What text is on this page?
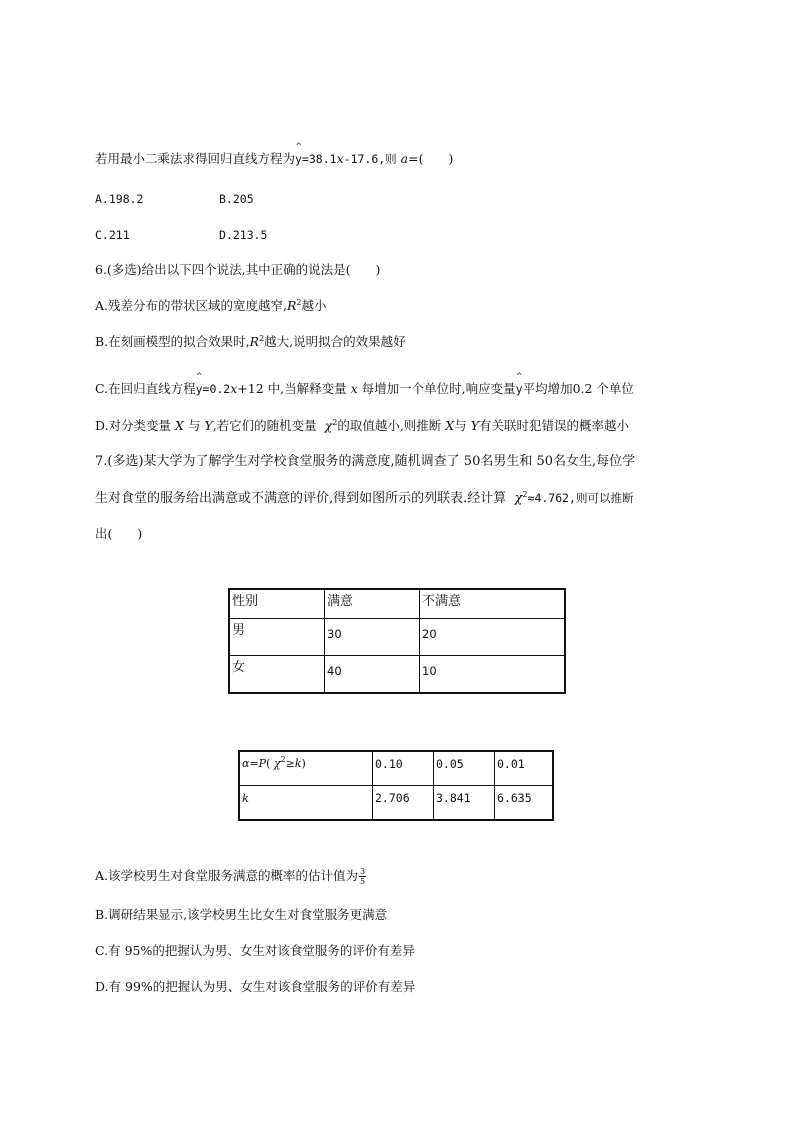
若用最小二乘法求得回归直线方程为^ y=38.1x-17.6,则 a=(　　)
A.198.2	B.205
C.211	D.213.5
6.(多选)给出以下四个说法,其中正确的说法是(　　)
A.残差分布的带状区域的宽度越窄$,R^2$越小
B.在刻画模型的拟合效果时$,R^2$越大,说明拟合的效果越好
C.在回归直线方程^ y=0.2x+12 中,当解释变量 x 每增加一个单位时,响应变量^ y平均增加0.2 个单位
D.对分类变量 X 与 Y,若它们的随机变量 $\chi^2$的取值越小,则推断 X与 Y有关联时犯错误的概率越小
7.(多选)某大学为了解学生对学校食堂服务的满意度,随机调查了 50名男生和 50名女生,每位学
生对食堂的服务给出满意或不满意的评价,得到如图所示的列联表.经计算 $\chi^2\approx 4.762$,则可以推断
出(　　)
性别	满意	不满意
男	30	20
女	40	10
α=P( $\chi^2\ge k$)	0.10	0.05	0.01
k	2.706	3.841	6.635
A.该学校男生对食堂服务满意的概率的估计值为 $\frac{3}{5}$
B.调研结果显示,该学校男生比女生对食堂服务更满意
C.有 95%的把握认为男、女生对该食堂服务的评价有差异
D.有 99%的把握认为男、女生对该食堂服务的评价有差异
